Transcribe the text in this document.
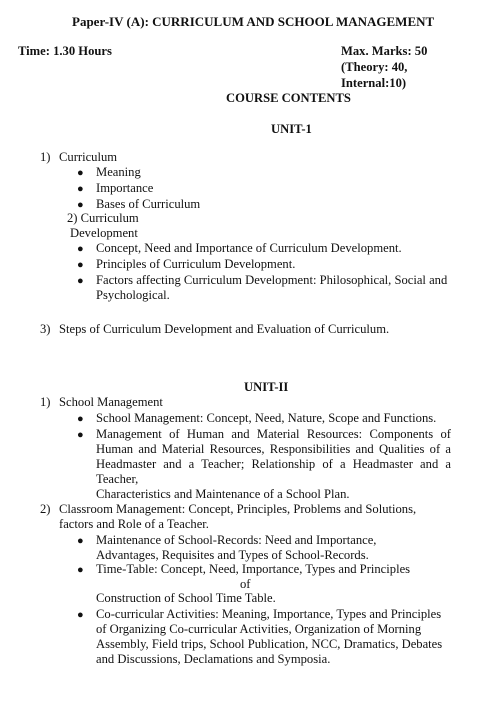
Paper-IV (A): CURRICULUM AND SCHOOL MANAGEMENT
Time: 1.30 Hours	Max. Marks: 50
(Theory: 40,
Internal:10)
COURSE CONTENTS
UNIT-1
1) Curriculum
● Meaning
● Importance
● Bases of Curriculum
2) Curriculum
Development
● Concept, Need and Importance of Curriculum Development.
● Principles of Curriculum Development.
● Factors affecting Curriculum Development: Philosophical, Social and
Psychological.
3) Steps of Curriculum Development and Evaluation of Curriculum.
UNIT-II
1) School Management
● School Management: Concept, Need, Nature, Scope and Functions.
● Management of Human and Material Resources: Components of
Human and Material Resources, Responsibilities and Qualities of a
Headmaster and a Teacher; Relationship of a Headmaster and a
Teacher,
Characteristics and Maintenance of a School Plan.
2) Classroom Management: Concept, Principles, Problems and Solutions,
factors and Role of a Teacher.
● Maintenance of School-Records: Need and Importance,
Advantages, Requisites and Types of School-Records.
● Time-Table: Concept, Need, Importance, Types and Principles
of
Construction of School Time Table.
● Co-curricular Activities: Meaning, Importance, Types and Principles
of Organizing Co-curricular Activities, Organization of Morning
Assembly, Field trips, School Publication, NCC, Dramatics, Debates
and Discussions, Declamations and Symposia.
